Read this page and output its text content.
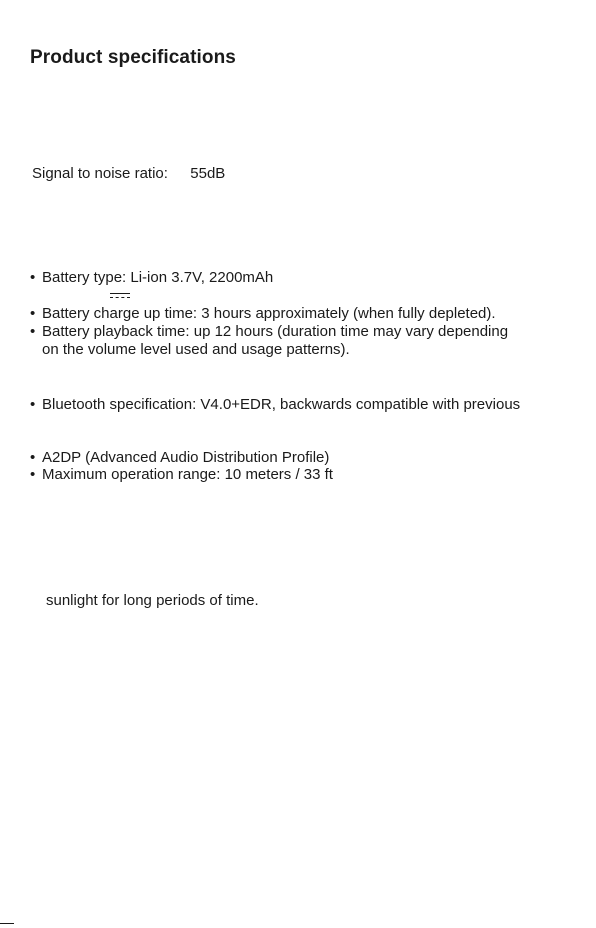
Product specifications
Signal to noise ratio: 55dB
• Battery type: Li-ion 3.7V, 2200mAh
• Battery charge up time: 3 hours approximately (when fully depleted).
• Battery playback time: up 12 hours (duration time may vary depending
on the volume level used and usage patterns).
• Bluetooth specification: V4.0+EDR, backwards compatible with previous
• A2DP (Advanced Audio Distribution Profile)
• Maximum operation range: 10 meters / 33 ft
sunlight for long periods of time.
